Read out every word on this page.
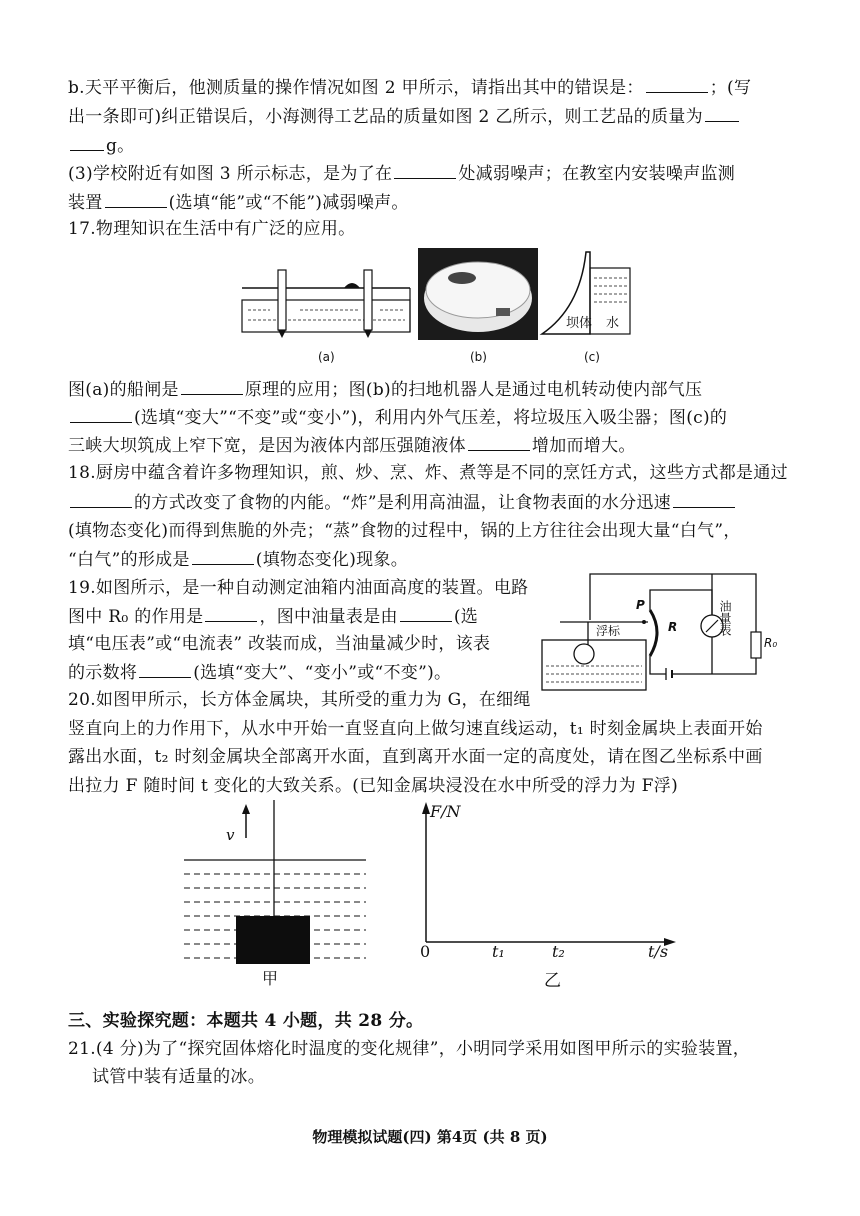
b.天平平衡后，他测质量的操作情况如图 2 甲所示，请指出其中的错误是：	；(写
出一条即可)纠正错误后，小海测得工艺品的质量如图 2 乙所示，则工艺品的质量为
g。
(3)学校附近有如图 3 所示标志，是为了在	处减弱噪声；在教室内安装噪声监测
装置	(选填“能”或“不能”)减弱噪声。
17.物理知识在生活中有广泛的应用。
(a)	(b)	(c)
坝体 水
图(a)的船闸是	原理的应用；图(b)的扫地机器人是通过电机转动使内部气压
(选填“变大”“不变”或“变小”)，利用内外气压差，将垃圾压入吸尘器；图(c)的
三峡大坝筑成上窄下宽，是因为液体内部压强随液体	增加而增大。
18.厨房中蕴含着许多物理知识，煎、炒、烹、炸、煮等是不同的烹饪方式，这些方式都是通过
的方式改变了食物的内能。“炸”是利用高油温，让食物表面的水分迅速
(填物态变化)而得到焦脆的外壳；“蒸”食物的过程中，锅的上方往往会出现大量“白气”，
“白气”的形成是	(填物态变化)现象。
19.如图所示，是一种自动测定油箱内油面高度的装置。电路
图中 R₀ 的作用是	，图中油量表是由	(选
填“电压表”或“电流表” 改装而成，当油量减少时，该表
的示数将	(选填“变大”、“变小”或“不变”)。
P
R
浮标	油量表
R₀
20.如图甲所示，长方体金属块，其所受的重力为 G，在细绳
竖直向上的力作用下，从水中开始一直竖直向上做匀速直线运动，t₁ 时刻金属块上表面开始
露出水面，t₂ 时刻金属块全部离开水面，直到离开水面一定的高度处，请在图乙坐标系中画
出拉力 F 随时间 t 变化的大致关系。(已知金属块浸没在水中所受的浮力为 F浮)
v
甲
F/N
0	t₁	t₂	t/s
乙
三、实验探究题：本题共 4 小题，共 28 分。
21.(4 分)为了“探究固体熔化时温度的变化规律”，小明同学采用如图甲所示的实验装置，
试管中装有适量的冰。
物理模拟试题(四) 第4页 (共 8 页)
